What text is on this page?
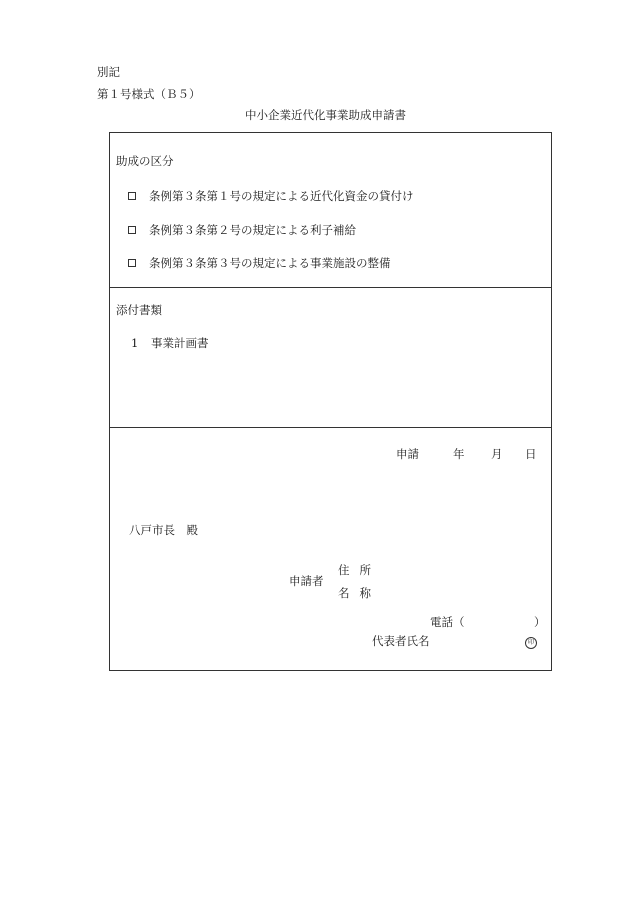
別記
第１号様式（Ｂ５）
中小企業近代化事業助成申請書
助成の区分
条例第３条第１号の規定による近代化資金の貸付け
条例第３条第２号の規定による利子補給
条例第３条第３号の規定による事業施設の整備
添付書類
1 事業計画書
申請	年 月 日
八戸市長　殿
申請者
住所
名称
電話（	）
代表者氏名	印
